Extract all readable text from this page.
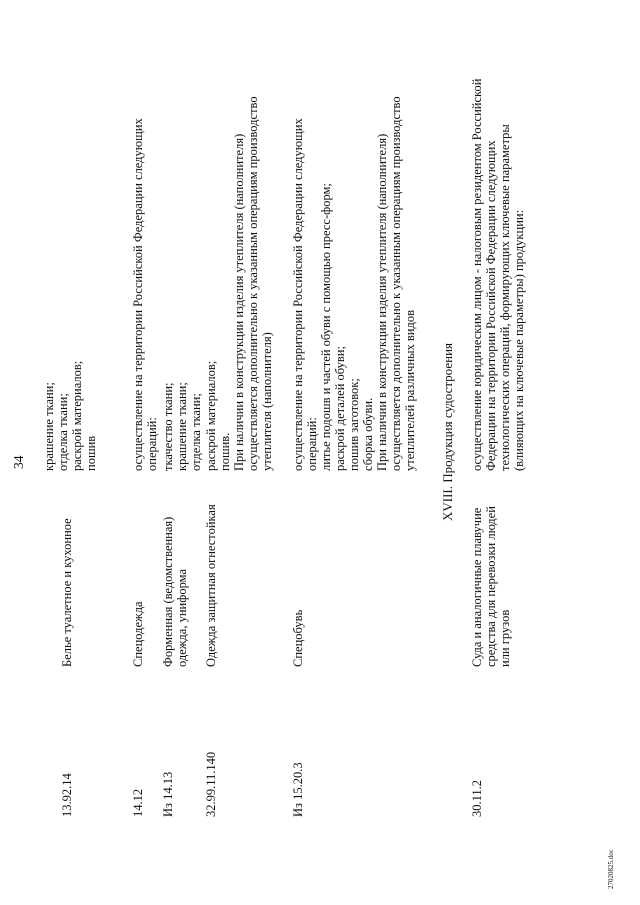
34
13.92.14
Белье туалетное и кухонное
крашение ткани; отделка ткани; раскрой материалов; пошив
14.12
Спецодежда
осуществление на территории Российской Федерации следующих операций:
Из 14.13
Форменная (ведомственная) одежда, униформа
ткачество ткани; крашение ткани; отделка ткани;
32.99.11.140
Одежда защитная огнестойкая
раскрой материалов; пошив. При наличии в конструкции изделия утеплителя (наполнителя) осуществляется дополнительно к указанным операциям производство утеплителя (наполнителя)
Из 15.20.3
Спецобувь
осуществление на территории Российской Федерации следующих операций: литье подошв и частей обуви с помощью пресс-форм; раскрой деталей обуви; пошив заготовок; сборка обуви. При наличии в конструкции изделия утеплителя (наполнителя) осуществляется дополнительно к указанным операциям производство утеплителей различных видов XVIII. Продукция судостроения
30.11.2
Суда и аналогичные плавучие средства для перевозки людей или грузов
осуществление юридическим лицом - налоговым резидентом Российской Федерации на территории Российской Федерации следующих технологических операций, формирующих ключевые параметры (влияющих на ключевые параметры) продукции:
27020825.doc
